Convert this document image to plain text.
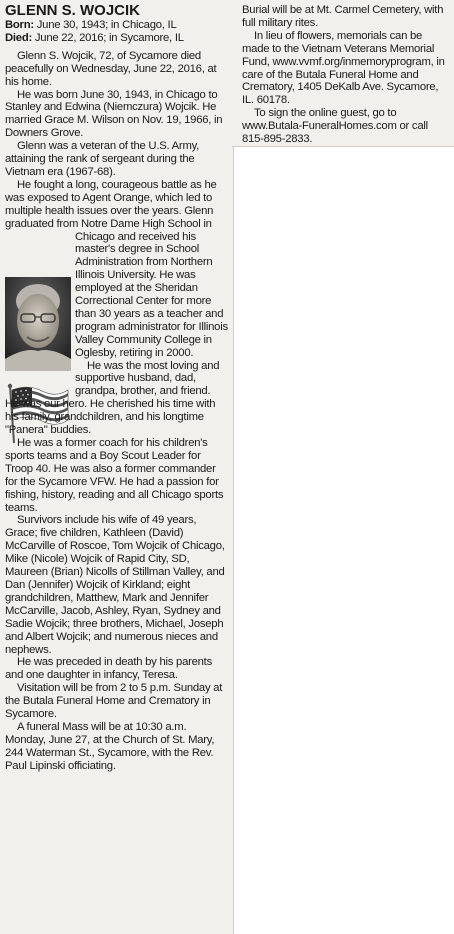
GLENN S. WOJCIK
Born: June 30, 1943; in Chicago, IL
Died: June 22, 2016; in Sycamore, IL

Glenn S. Wojcik, 72, of Sycamore died peacefully on Wednesday, June 22, 2016, at his home.

He was born June 30, 1943, in Chicago to Stanley and Edwina (Niemczura) Wojcik. He married Grace M. Wilson on Nov. 19, 1966, in Downers Grove.

Glenn was a veteran of the U.S. Army, attaining the rank of sergeant during the Vietnam era (1967-68).

He fought a long, courageous battle as he was exposed to Agent Orange, which led to multiple health issues over the years. Glenn graduated from Notre Dame High School in

Chicago and received his master's degree in School Administration from Northern Illinois University. He was employed at the Sheridan Correctional Center for more than 30 years as a teacher and program administrator for Illinois Valley Community College in Oglesby, retiring in 2000.

He was the most loving and supportive husband, dad, grandpa, brother, and friend.

He was our hero. He cherished his time with his family, grandchildren, and his longtime "Panera" buddies.

He was a former coach for his children's sports teams and a Boy Scout Leader for Troop 40. He was also a former commander for the Sycamore VFW. He had a passion for fishing, history, reading and all Chicago sports teams.

Survivors include his wife of 49 years, Grace; five children, Kathleen (David) McCarville of Roscoe, Tom Wojcik of Chicago, Mike (Nicole) Wojcik of Rapid City, SD, Maureen (Brian) Nicolls of Stillman Valley, and Dan (Jennifer) Wojcik of Kirkland; eight grandchildren, Matthew, Mark and Jennifer McCarville, Jacob, Ashley, Ryan, Sydney and Sadie Wojcik; three brothers, Michael, Joseph and Albert Wojcik; and numerous nieces and nephews.

He was preceded in death by his parents and one daughter in infancy, Teresa.

Visitation will be from 2 to 5 p.m. Sunday at the Butala Funeral Home and Crematory in Sycamore.

A funeral Mass will be at 10:30 a.m. Monday, June 27, at the Church of St. Mary, 244 Waterman St., Sycamore, with the Rev. Paul Lipinski officiating.

Burial will be at Mt. Carmel Cemetery, with full military rites.

In lieu of flowers, memorials can be made to the Vietnam Veterans Memorial Fund, www.vvmf.org/inmemoryprogram, in care of the Butala Funeral Home and Crematory, 1405 DeKalb Ave. Sycamore, IL. 60178.

To sign the online guest, go to www.Butala-FuneralHomes.com or call 815-895-2833.
